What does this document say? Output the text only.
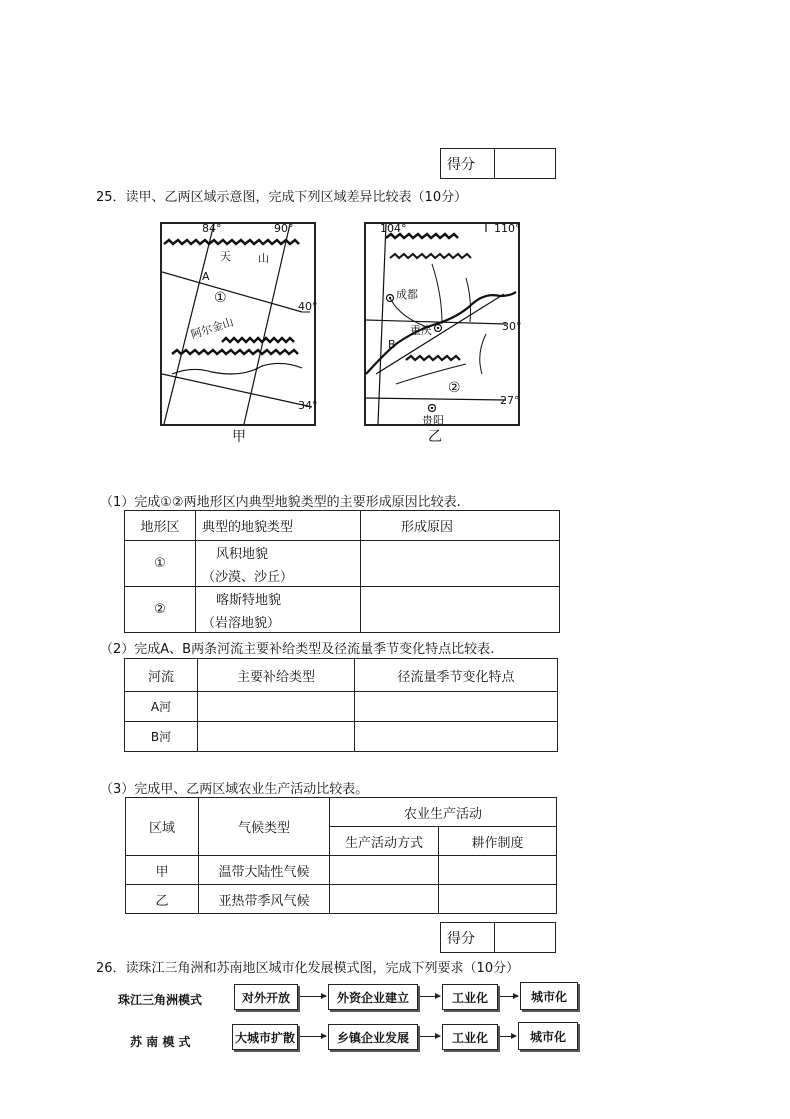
得分	
25．读甲、乙两区域示意图，完成下列区域差异比较表（10分）
84°	90°
天 山
A
①
40°
阿尔金山
34°
甲
104°	110°
成都
重庆	30°
B
②
27°
贵阳
乙
（1）完成①②两地形区内典型地貌类型的主要形成原因比较表.
地形区	典型的地貌类型	形成原因
①	风积地貌
（沙漠、沙丘）	

②	喀斯特地貌
（岩溶地貌）	

（2）完成A、B两条河流主要补给类型及径流量季节变化特点比较表.
河流	主要补给类型	径流量季节变化特点
A河		
B河		
（3）完成甲、乙两区域农业生产活动比较表。
区域	气候类型	农业生产活动	
		生产活动方式	耕作制度
甲	温带大陆性气候		
乙	亚热带季风气候		
得分	
26．读珠江三角洲和苏南地区城市化发展模式图，完成下列要求（10分）
珠江三角洲模式	对外开放	外资企业建立	工业化	城市化
苏 南 模 式	大城市扩散	乡镇企业发展	工业化	城市化
